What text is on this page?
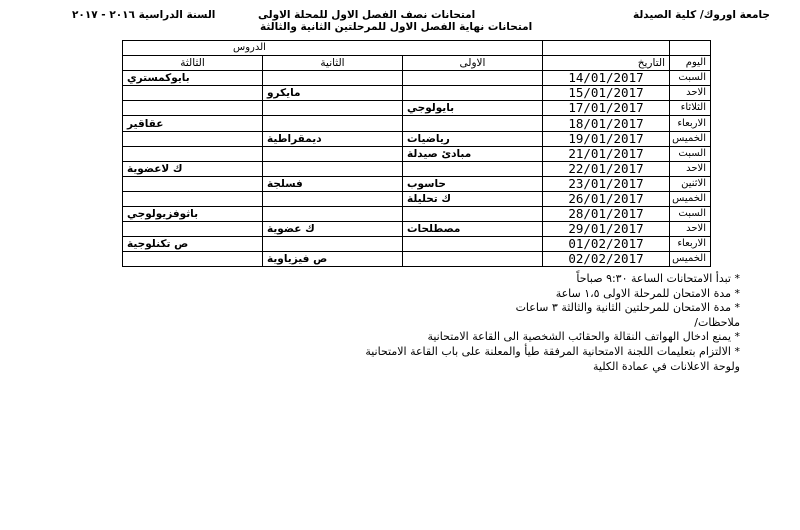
جامعة اوروك/ كلية الصيدلة
امتحانات نصف الفصل الاول للمحلة الاولى
السنة الدراسية ٢٠١٦ - ٢٠١٧
امتحانات نهاية الفصل الاول للمرحلتين الثانية والثالثة
		الدروس		
اليوم	التاريخ	الاولى	الثانية	الثالثة
السبت	14/01/2017			بايوكمستري
الاحد	15/01/2017		مايكرو	
الثلاثاء	17/01/2017	بايولوجي		
الاربعاء	18/01/2017			عقاقير
الخميس	19/01/2017	رياضيات	ديمقراطية	
السبت	21/01/2017	مبادئ صيدلة		
الاحد	22/01/2017			ك لاعضوية
الاثنين	23/01/2017	حاسوب	فسلجة	
الخميس	26/01/2017	ك تحليلة		
السبت	28/01/2017			باثوفزيولوجي
الاحد	29/01/2017	مصطلحات	ك عضوية	
الاربعاء	01/02/2017			ص تكنلوجية
الخميس	02/02/2017		ص فيزياوية	
* تبدأ الامتحانات الساعة ٩:٣٠ صباحاً
* مدة الامتحان للمرحلة الاولى ١،٥ ساعة
* مدة الامتحان للمرحلتين الثانية والثالثة ٣ ساعات
ملاحظات/
* يمنع ادخال الهواتف النقالة والحقائب الشخصية الى القاعة الامتحانية
* الالتزام بتعليمات اللجنة الامتحانية المرفقة طيأ والمعلنة على باب القاعة الامتحانية
ولوحة الاعلانات في عمادة الكلية
